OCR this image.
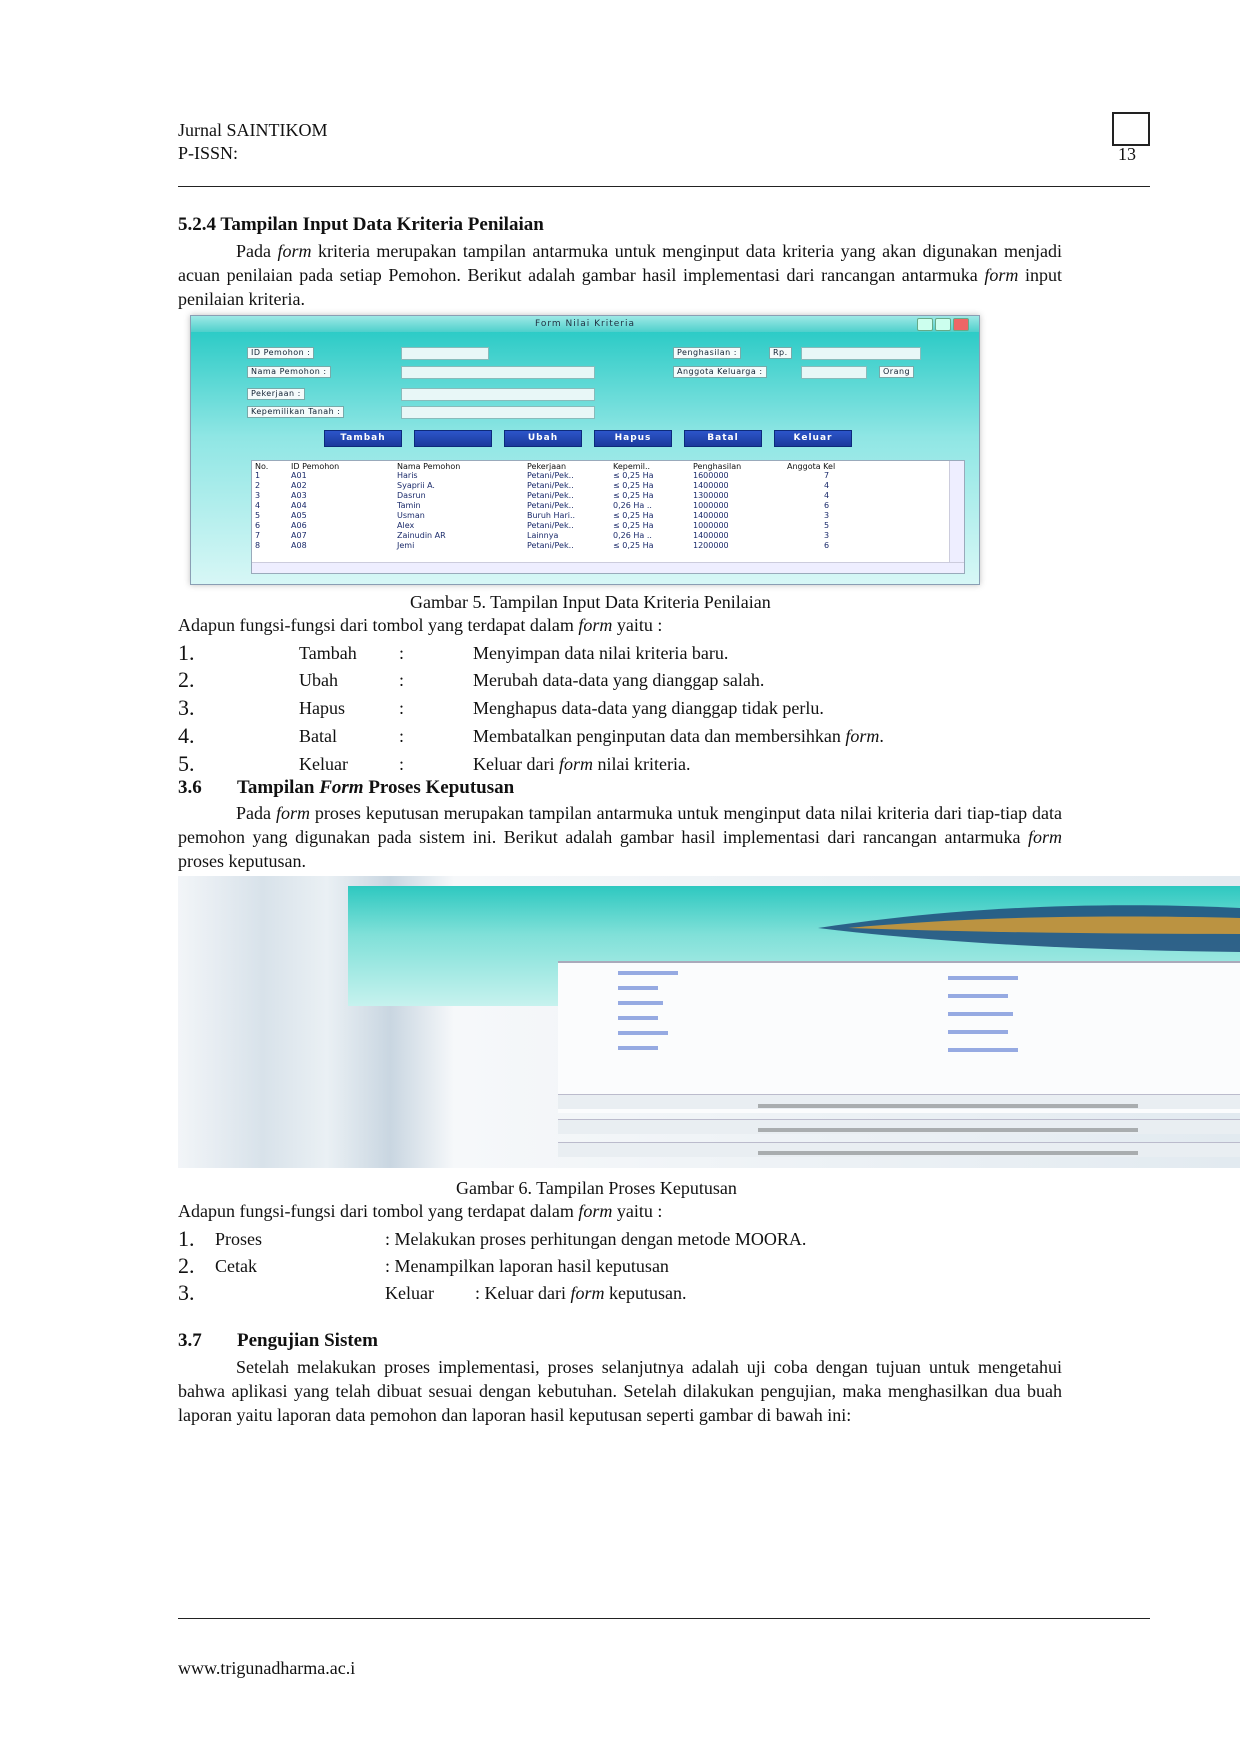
Jurnal SAINTIKOM
P-ISSN:	13
5.2.4 Tampilan Input Data Kriteria Penilaian
Pada form kriteria merupakan tampilan antarmuka untuk menginput data kriteria yang akan digunakan menjadi acuan penilaian pada setiap Pemohon. Berikut adalah gambar hasil implementasi dari rancangan antarmuka form input penilaian kriteria.
Form Nilai Kriteria
ID Pemohon :
Nama Pemohon :
Pekerjaan :
Kepemilikan Tanah :
Penghasilan :	Rp.
Anggota Keluarga :	Orang
Tambah	Ubah	Hapus	Batal	Keluar
No.	ID Pemohon	Nama Pemohon	Pekerjaan	Kepemil..	Penghasilan	Anggota Kel
1	A01	Haris	Petani/Pek..	≤ 0,25 Ha	1600000	7
2	A02	Syaprii A.	Petani/Pek..	≤ 0,25 Ha	1400000	4
3	A03	Dasrun	Petani/Pek..	≤ 0,25 Ha	1300000	4
4	A04	Tamin	Petani/Pek..	0,26 Ha ..	1000000	6
5	A05	Usman	Buruh Hari..	≤ 0,25 Ha	1400000	3
6	A06	Alex	Petani/Pek..	≤ 0,25 Ha	1000000	5
7	A07	Zainudin AR	Lainnya	0,26 Ha ..	1400000	3
8	A08	Jemi	Petani/Pek..	≤ 0,25 Ha	1200000	6
Gambar 5. Tampilan Input Data Kriteria Penilaian
Adapun fungsi-fungsi dari tombol yang terdapat dalam form yaitu :
1.	Tambah :	Menyimpan data nilai kriteria baru.
2.	Ubah	:	Merubah data-data yang dianggap salah.
3.	Hapus	:	Menghapus data-data yang dianggap tidak perlu.
4.	Batal	:	Membatalkan penginputan data dan membersihkan form.
5.	Keluar	:	Keluar dari form nilai kriteria.
3.6 Tampilan Form Proses Keputusan
Pada form proses keputusan merupakan tampilan antarmuka untuk menginput data nilai kriteria dari tiap-tiap data pemohon yang digunakan pada sistem ini. Berikut adalah gambar hasil implementasi dari rancangan antarmuka form proses keputusan.
Gambar 6. Tampilan Proses Keputusan
Adapun fungsi-fungsi dari tombol yang terdapat dalam form yaitu :
1. Proses	: Melakukan proses perhitungan dengan metode MOORA.
2. Cetak	: Menampilkan laporan hasil keputusan
3.	Keluar : Keluar dari form keputusan.
3.7 Pengujian Sistem
Setelah melakukan proses implementasi, proses selanjutnya adalah uji coba dengan tujuan untuk mengetahui bahwa aplikasi yang telah dibuat sesuai dengan kebutuhan. Setelah dilakukan pengujian, maka menghasilkan dua buah laporan yaitu laporan data pemohon dan laporan hasil keputusan seperti gambar di bawah ini:
www.trigunadharma.ac.i
